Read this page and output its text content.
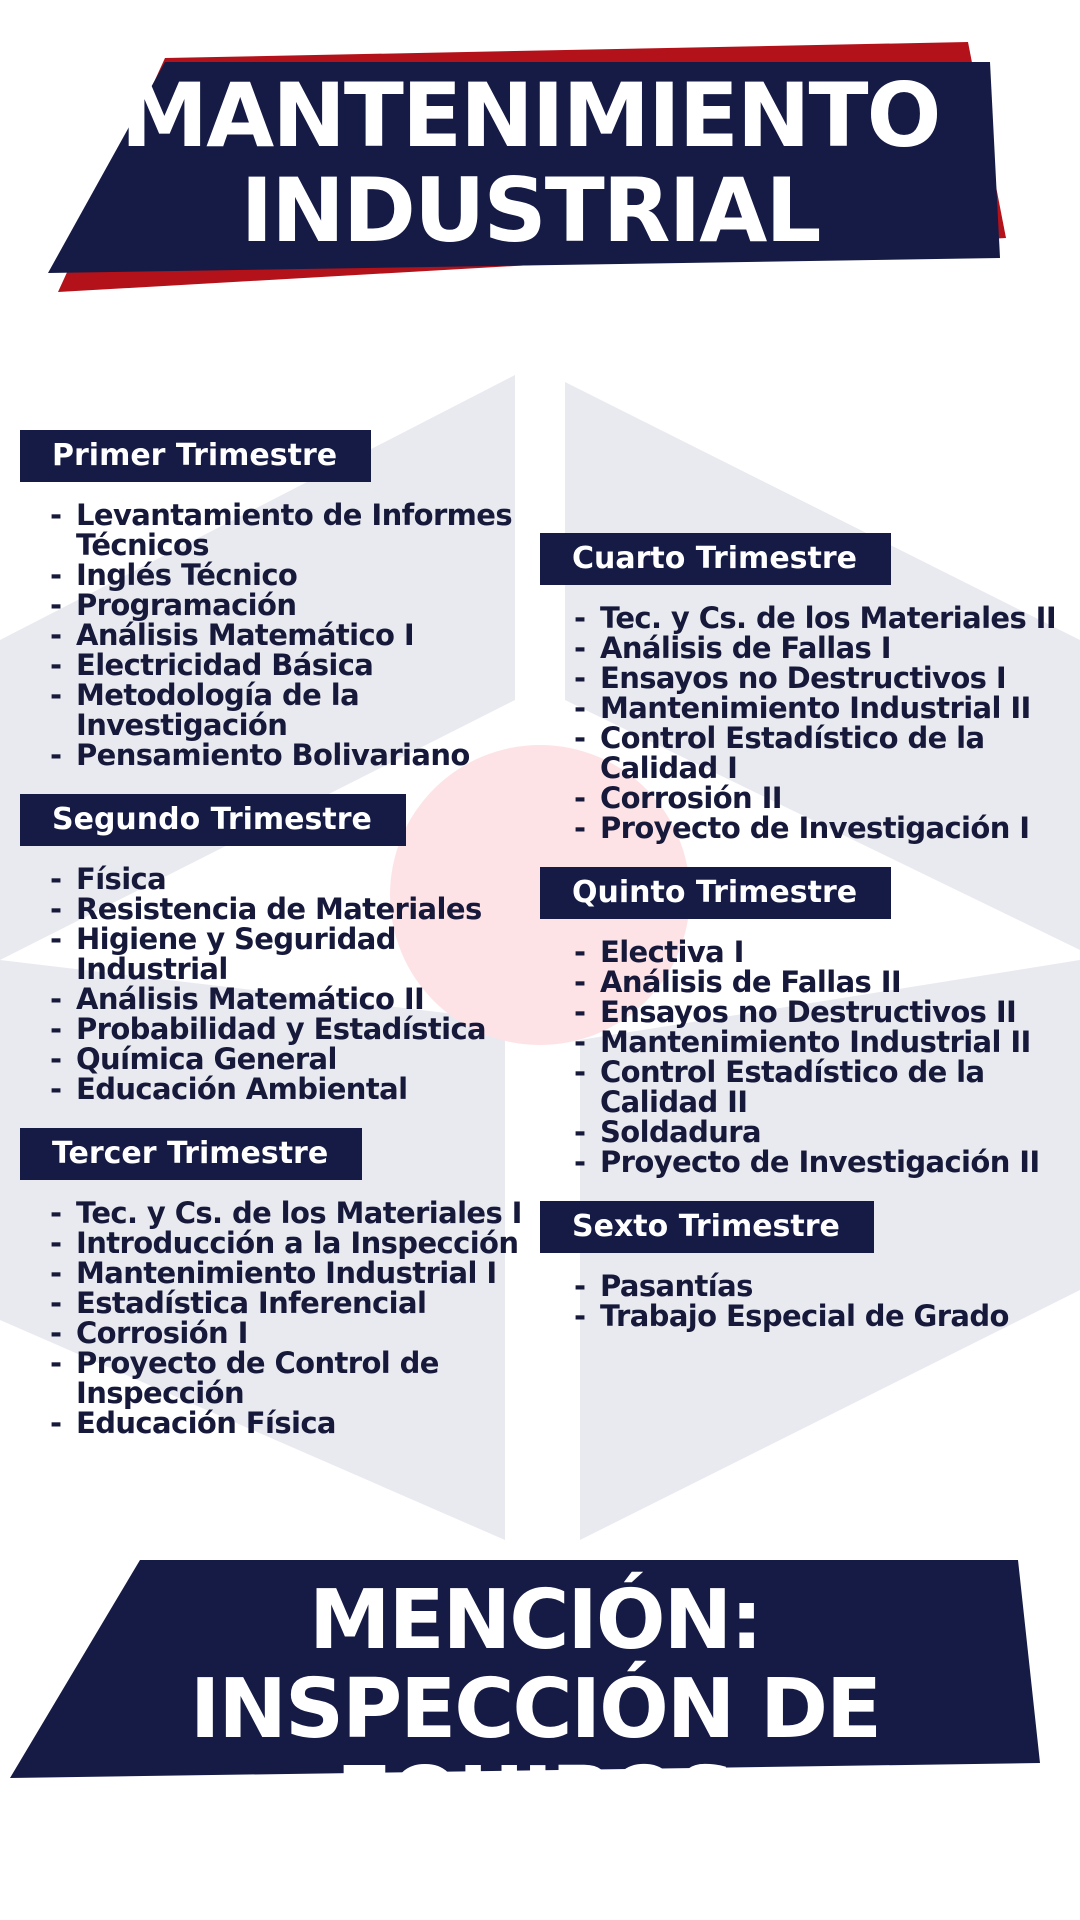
MANTENIMIENTO
INDUSTRIAL
Primer Trimestre
- Levantamiento de Informes Técnicos
- Inglés Técnico
- Programación
- Análisis Matemático I
- Electricidad Básica
- Metodología de la Investigación
- Pensamiento Bolivariano
Segundo Trimestre
- Física
- Resistencia de Materiales
- Higiene y Seguridad Industrial
- Análisis Matemático II
- Probabilidad y Estadística
- Química General
- Educación Ambiental
Tercer Trimestre
- Tec. y Cs. de los Materiales I
- Introducción a la Inspección
- Mantenimiento Industrial I
- Estadística Inferencial
- Corrosión I
- Proyecto de Control de Inspección
- Educación Física
Cuarto Trimestre
- Tec. y Cs. de los Materiales II
- Análisis de Fallas I
- Ensayos no Destructivos I
- Mantenimiento Industrial II
- Control Estadístico de la Calidad I
- Corrosión II
- Proyecto de Investigación I
Quinto Trimestre
- Electiva I
- Análisis de Fallas II
- Ensayos no Destructivos II
- Mantenimiento Industrial II
- Control Estadístico de la Calidad II
- Soldadura
- Proyecto de Investigación II
Sexto Trimestre
- Pasantías
- Trabajo Especial de Grado
MENCIÓN:
INSPECCIÓN DE EQUIPOS
